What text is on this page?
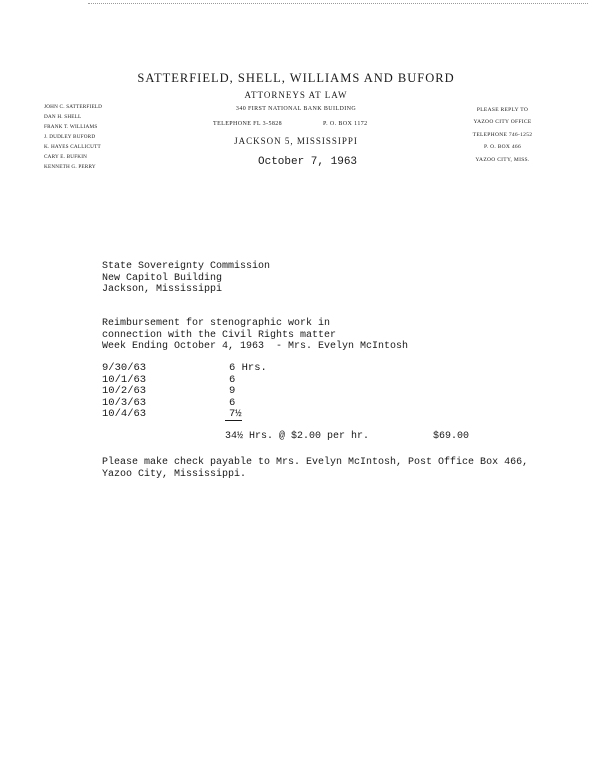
SATTERFIELD, SHELL, WILLIAMS AND BUFORD
ATTORNEYS AT LAW
340 FIRST NATIONAL BANK BUILDING
TELEPHONE FL 3-5828	P. O. BOX 1172
JACKSON 5, MISSISSIPPI
JOHN C. SATTERFIELD
DAN H. SHELL
FRANK T. WILLIAMS
J. DUDLEY BUFORD
K. HAYES CALLICUTT
CARY E. BUFKIN
KENNETH G. PERRY
PLEASE REPLY TO
YAZOO CITY OFFICE
TELEPHONE 746-1252
P. O. BOX 466
YAZOO CITY, MISS.
October 7, 1963
State Sovereignty Commission
New Capitol Building
Jackson, Mississippi
Reimbursement for stenographic work in
connection with the Civil Rights matter
Week Ending October 4, 1963  - Mrs. Evelyn McIntosh
9/30/63	6 Hrs.
10/1/63	6
10/2/63	9
10/3/63	6
10/4/63	7½
34½ Hrs. @ $2.00 per hr.	$69.00
Please make check payable to Mrs. Evelyn McIntosh, Post Office Box 466,
Yazoo City, Mississippi.
